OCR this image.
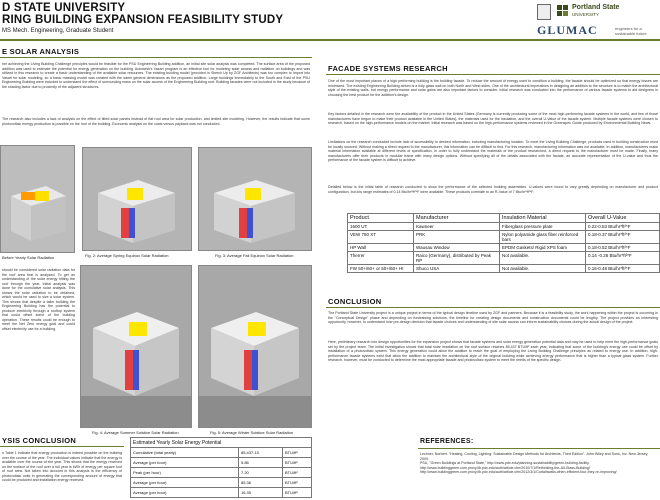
D STATE UNIVERSITY
RING BUILDING EXPANSION FEASIBILITY STUDY
MS Mech. Engineering, Graduate Student
Portland State
UNIVERSITY
GLUMAC	engineers for a sustainable future
E SOLAR ANALYSIS
her achieving the Living Building Challenge principles would be feasible for the PSU Engineering Building addition, an initial site solar analysis was completed. The surface area of the proposed addition was used to estimate the potential for energy generation on the building. Autodesk's Vasari program is an effective tool for modeling solar access and radiation on buildings and was utilized in this research to create a basic understanding of the available solar resources. The existing building model (provided in Sketch Up by ZGF Architects) was too complex to import into Vasari for solar modeling, so a basic massing model was created with the same general dimensions as the proposed addition. Large buildings immediately to the South and East of the PSU Engineering Building were included to understand the effect of surrounding mass on the solar access of the Engineering Building roof. Building facades were not included in the study because of the shading factor due to proximity of the adjacent structures.
The research also includes a lack of analysis on the effect of tilted solar panels instead of flat roof area for solar production, and limited site modeling. However, the results indicate that some photovoltaic energy production is possible on the roof of the building. Economic analysis on the costs versus payback was not conducted.
Before Yearly Solar Radiation	Fig. 2: Average Spring Equinox Solar Radiation	Fig. 3: Average Fall Equinox Solar Radiation
should be considered solar radiation data for the roof area that is analyzed. To get an understanding of the solar energy hitting the roof through the year, initial analysis was done for the cumulative solar analysis. This shows the solar radiation to be obtained, which would be used to size a solar system. This shows that despite a taller building the Engineering Building has the potential to produce electricity through a rooftop system that could offset some of the building operation. These results could be enough to meet the Net Zero energy goal and could offset electricity use for a building.
Fig. 4: Average Summer Solstice Solar Radiation	Fig. 5: Average Winter Solstice Solar Radiation
YSIS CONCLUSION
n Table 1 indicate that energy production is indeed possible on the building over the course of the year. The individual values indicate that the energy is available over the course of the year. This shows that the energy received on the surface of the roof over a full year is kWh of energy per square foot of roof area. Not taken into account in this analysis is the efficiency of photovoltaic units in generating the corresponding amount of energy that could be produced and installation energy received.
Estimated Yearly Solar Energy Potential		
Cumulative (total yearly)	85,437.15	BTU/ft²
Average (per hour)	5.86	BTU/ft²
Peak (per hour)	7.20	BTU/ft²
Average (per hour)	85.36	BTU/ft²
Average (per hour)	16.35	BTU/ft²
FACADE SYSTEMS RESEARCH
One of the most important places of a high performing building is the building facade. To reduce the amount of energy used to condition a building, the facade should be optimized so that energy losses are minimized. The existing Engineering Building atrium is a fully glass wall on both North and West sides. One of the architectural imperatives in designing an addition to the structure is to match the architectural style of the existing walls, but energy performance and solar gains are also important factors to consider. Initial research was conducted into the performance of various facade systems to aid designers in choosing the best product for the addition's design.
Key factors detailed in the research were the availability of the product in the United States (Germany is currently producing some of the most high-performing facade systems in the world, and few of those manufacturers have begun to make their product available in the United States), the materials used for the insulation, and the overall U-Value of the facade system. Multiple facade systems were chosen to research, based on the high-performance models on the market. Initial research was based on the high-performance systems reviewed in the Greenspec Guide produced by Environmental Building News.
Limitations on the research conducted include lack of accessibility to desired information, including manufacturing location. To meet the Living Building Challenge, products used in building construction must be locally sourced. Without making a direct request to the manufacturer, this information can be difficult to find. For this research, manufacturing information was not available. In addition, manufacturers make material information available at different levels of specification, in order to fully understand the materials of the product researched, a direct request to the manufacturer must be made. Finally, many manufacturers offer their products in modular frame with many design options. Without specifying all of the details associated with the facade, an accurate representation of the U-value and thus the performance of the facade system is difficult to achieve.
Detailed below is the initial table of research conducted to show the performance of the selected building assemblies. U-values were found to vary greatly depending on manufacturer and product configuration, but low range estimates of 0.14 Btu/hr*ft²*F were available. These products correlate to an R-Value of 7 Btu/hr*ft²*F.
Product	Manufacturer	Insulation Material	Overall U-Value
1600 UT	Kawneer	Fiberglass pressure plate	0.22-0.53 Btu/hr*ft²*F
VEW 750 XT	PRK	Nylon polyamide glass fiber reinforced bars	0.18-0.37 Btu/hr*ft²*F
HP Wall	Wausau Window	EPDM Gaskets/ Rigid XPS foam	0.18-0.52 Btu/hr*ft²*F
Therrer	Raico (Germany), distributed by Peak RP	Not available.	0.14 -0.26 Btu/hr*ft²*F
FW 50+/60+ or 50+/60+ HI	Shuco USA	Not available.	0.16-0.48 Btu/hr*ft²*F
CONCLUSION
The Portland State University project is a unique project in terms of the typical design timeline used by ZGF and partners. Because it is a feasibility study, the work happening within the project is occurring in the "Conceptual Design" phase and depending on fundraising solutions, the timeline for creating design documents and construction documents could be lengthy. The project provides an interesting opportunity, however, to understand how pre-design decision that facade choices and understanding of site solar access can inform sustainability choices during the actual design of the project.
Here, preliminary research into design opportunities for the expansion project shows that facade systems and solar energy generation potential data and may be used to help meet the high-performance goals set by the project team. The initial investigation shows that total solar irradiation on the roof surface reaches 85,437 BTU/ft² each year, indicating that some of the building's energy use could be offset by installation of a photovoltaic system. This energy generation could allow the addition to reach the goal of employing the Living Building Challenge principles as related to energy use. In addition, high-performance facade systems exist that allow the addition to maintain the architectural style of the original building while achieving energy performance that is higher than a typical glass system. Further research, however, must be conducted to determine the most appropriate facade and photovoltaic system to meet the needs of the specific design.
REFERENCES:
Lechner, Norbert. "Heating, Cooling, Lighting: Sustainable Design Methods for Architects, Third Edition". John Wiley and Sons, Inc. New Jersey, 2009.
PSU, "Green Buildings at Portland State," http://www.pdx.edu/planning-sustainability/green-building-facility.
http://www.buildinggreen.com.proxy.lib.pdx.edu/auth/article.cfm/2010/7/1/Rethinking-the-All-Glass-Building/
http://www.buildinggreen.com.proxy.lib.pdx.edu/auth/article.cfm/2012/3/1/Curtainwalls-when-efficient-four-they-re-improving/
